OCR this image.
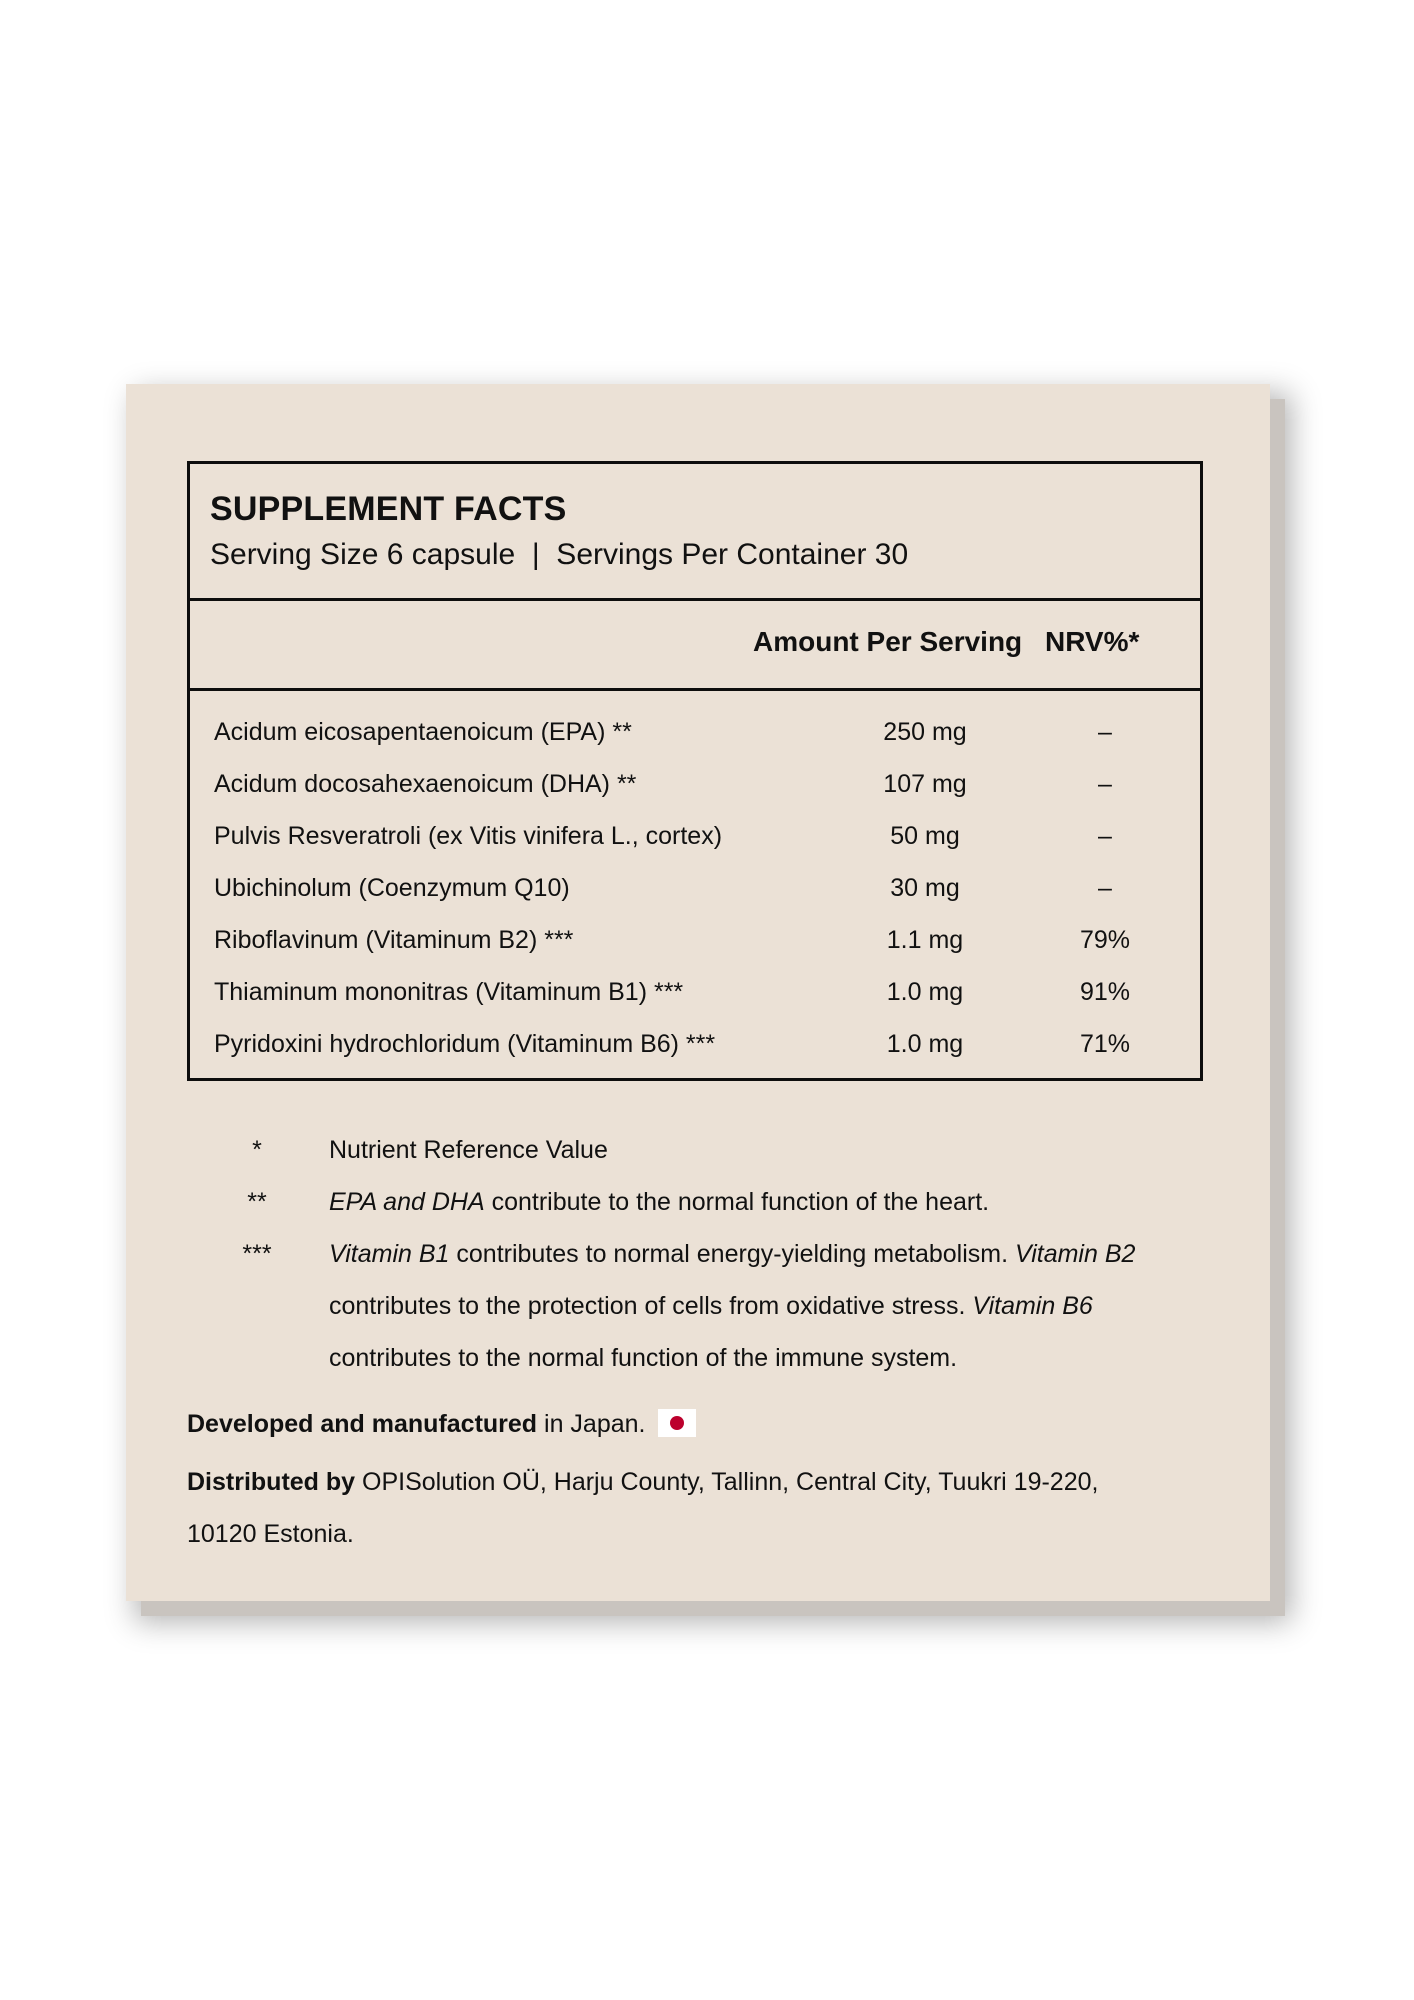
SUPPLEMENT FACTS
Serving Size 6 capsule  |  Servings Per Container 30
Amount Per Serving NRV%*
Acidum eicosapentaenoicum (EPA) **	250 mg	–
Acidum docosahexaenoicum (DHA) **	107 mg	–
Pulvis Resveratroli (ex Vitis vinifera L., cortex)	50 mg	–
Ubichinolum (Coenzymum Q10)	30 mg	–
Riboflavinum (Vitaminum B2) ***	1.1 mg	79%
Thiaminum mononitras (Vitaminum B1) ***	1.0 mg	91%
Pyridoxini hydrochloridum (Vitaminum B6) ***	1.0 mg	71%
*	Nutrient Reference Value
**	EPA and DHA contribute to the normal function of the heart.
***	Vitamin B1 contributes to normal energy-yielding metabolism. Vitamin B2 contributes to the protection of cells from oxidative stress. Vitamin B6 contributes to the normal function of the immune system.
Developed and manufactured in Japan.
Distributed by OPISolution OÜ, Harju County, Tallinn, Central City, Tuukri 19-220, 10120 Estonia.
